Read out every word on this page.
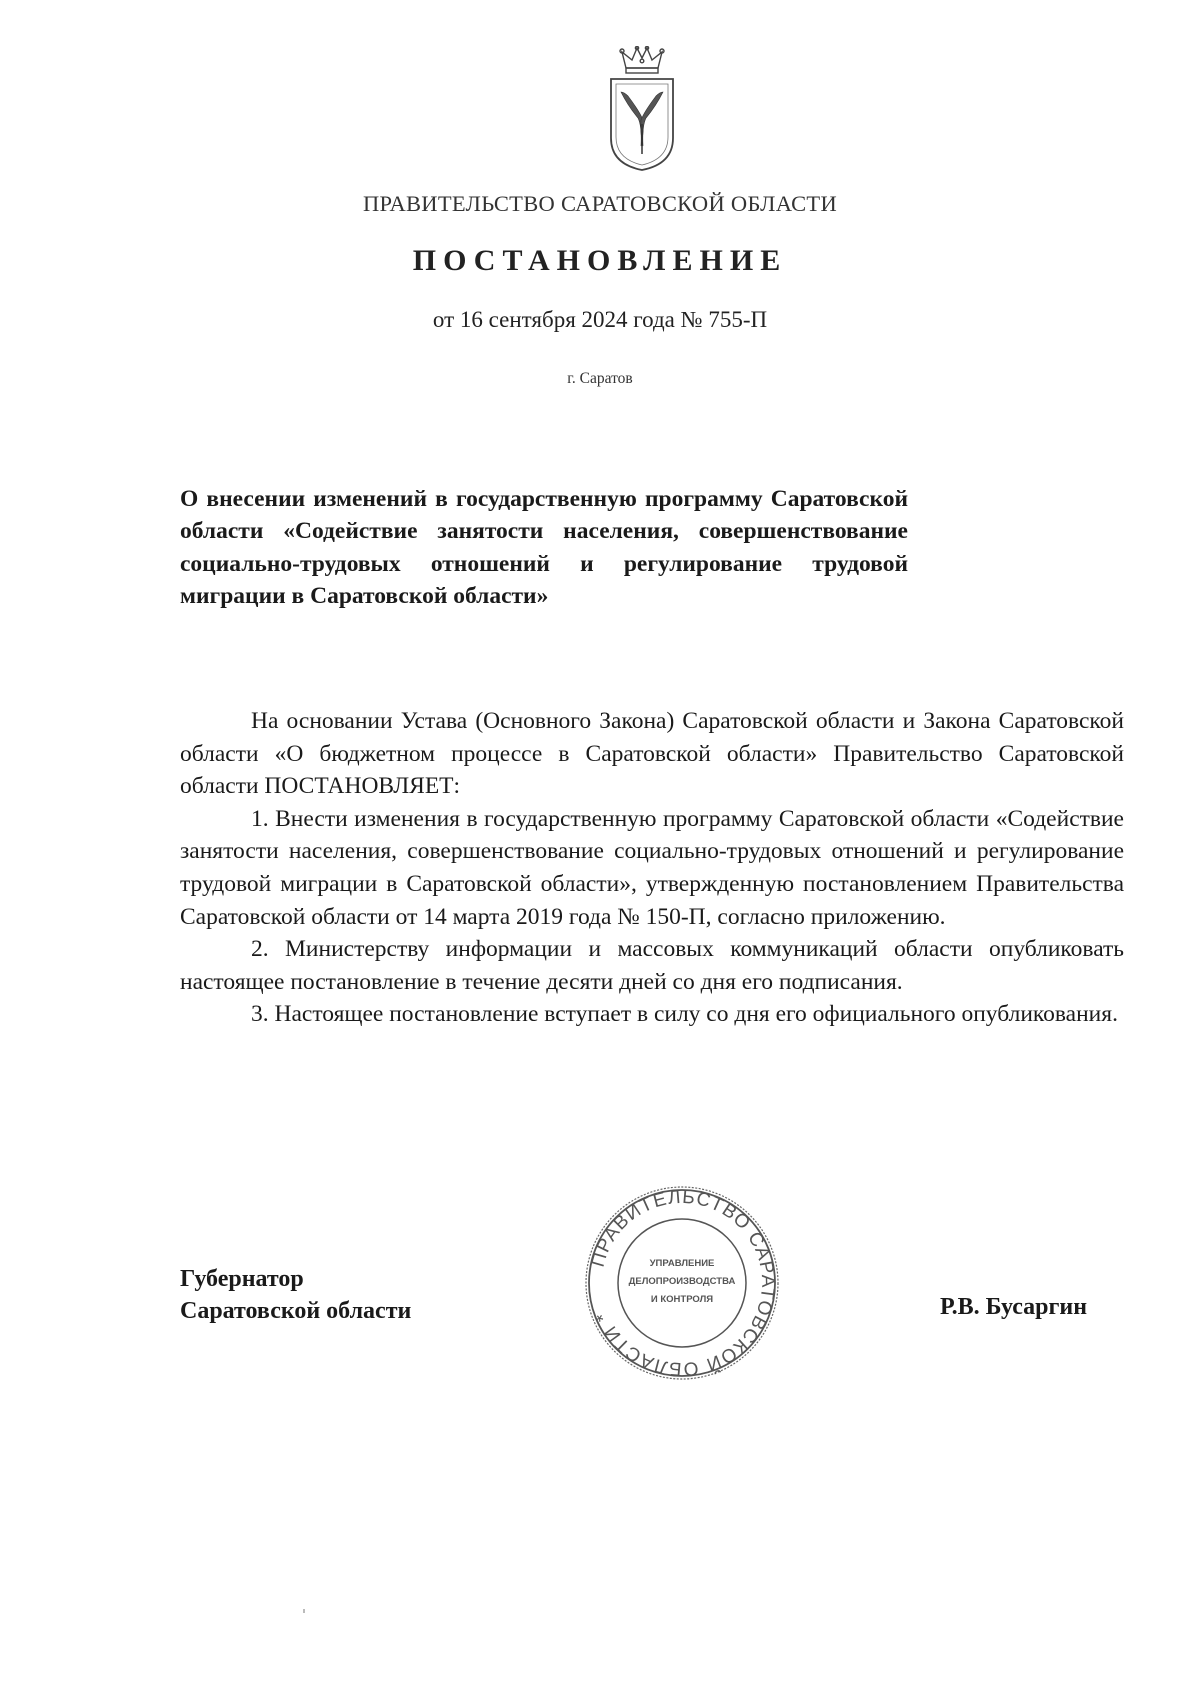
ПРАВИТЕЛЬСТВО САРАТОВСКОЙ ОБЛАСТИ
ПОСТАНОВЛЕНИЕ
от 16 сентября 2024 года № 755-П
г. Саратов
О внесении изменений в государственную программу Саратовской области «Содействие занятости населения, совершенствование социально-трудовых отношений и регулирование трудовой миграции в Саратовской области»

На основании Устава (Основного Закона) Саратовской области и Закона Саратовской области «О бюджетном процессе в Саратовской области» Правительство Саратовской области ПОСТАНОВЛЯЕТ:

1. Внести изменения в государственную программу Саратовской области «Содействие занятости населения, совершенствование социально-трудовых отношений и регулирование трудовой миграции в Саратовской области», утвержденную постановлением Правительства Саратовской области от 14 марта 2019 года № 150-П, согласно приложению.

2. Министерству информации и массовых коммуникаций области опубликовать настоящее постановление в течение десяти дней со дня его подписания.

3. Настоящее постановление вступает в силу со дня его официального опубликования.

Губернатор
Саратовской области	Р.В. Бусаргин
ПРАВИТЕЛЬСТВО САРАТОВСКОЙ ОБЛАСТИ *
УПРАВЛЕНИЕ
ДЕЛОПРОИЗВОДСТВА
И КОНТРОЛЯ
